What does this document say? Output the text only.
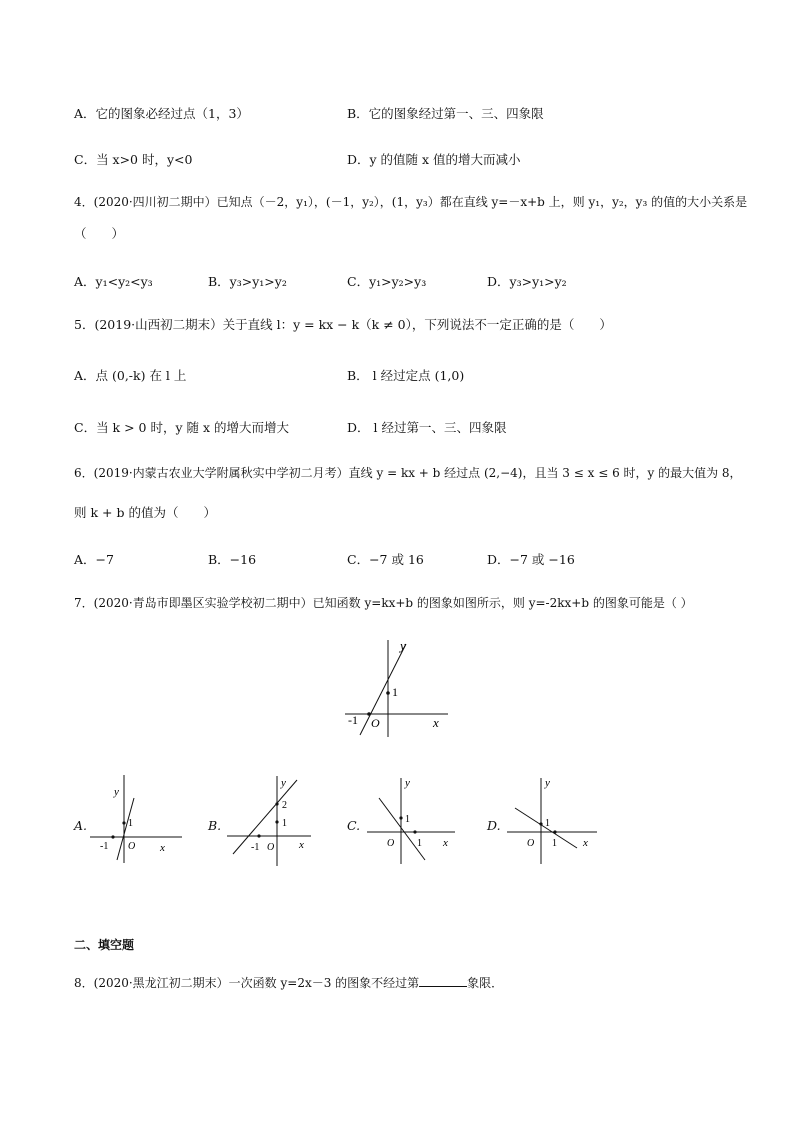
A．它的图象必经过点（1，3）	B．它的图象经过第一、三、四象限
C．当 x>0 时，y<0	D．y 的值随 x 值的增大而减小
4．(2020·四川初二期中）已知点（－2，y₁），(－1，y₂），(1，y₃）都在直线 y=－x+b 上，则 y₁，y₂，y₃ 的值的大小关系是
（　　）
A．y₁<y₂<y₃	B．y₃>y₁>y₂	C．y₁>y₂>y₃	D．y₃>y₁>y₂
5．(2019·山西初二期末）关于直线 l：y = kx − k（k ≠ 0），下列说法不一定正确的是（　　）
A．点 (0,-k) 在 l 上	B． l 经过定点 (1,0)
C．当 k > 0 时，y 随 x 的增大而增大	D． l 经过第一、三、四象限
6．(2019·内蒙古农业大学附属秋实中学初二月考）直线 y = kx + b 经过点 (2,−4)，且当 3 ≤ x ≤ 6 时，y 的最大值为 8，
则 k + b 的值为（　　）
A．−7	B．−16	C．−7 或 16	D．−7 或 −16
7．(2020·青岛市即墨区实验学校初二期中）已知函数 y=kx+b 的图象如图所示，则 y=-2kx+b 的图象可能是（ ）
y
x
1
-1 O
A.
y
x
1
-1 O
B.
y
x
2
1
-1 O
C.
y
x
1
1
O
D.
y
x
1
1
O
二、填空题
8．(2020·黑龙江初二期末）一次函数 y=2x－3 的图象不经过第	象限．
